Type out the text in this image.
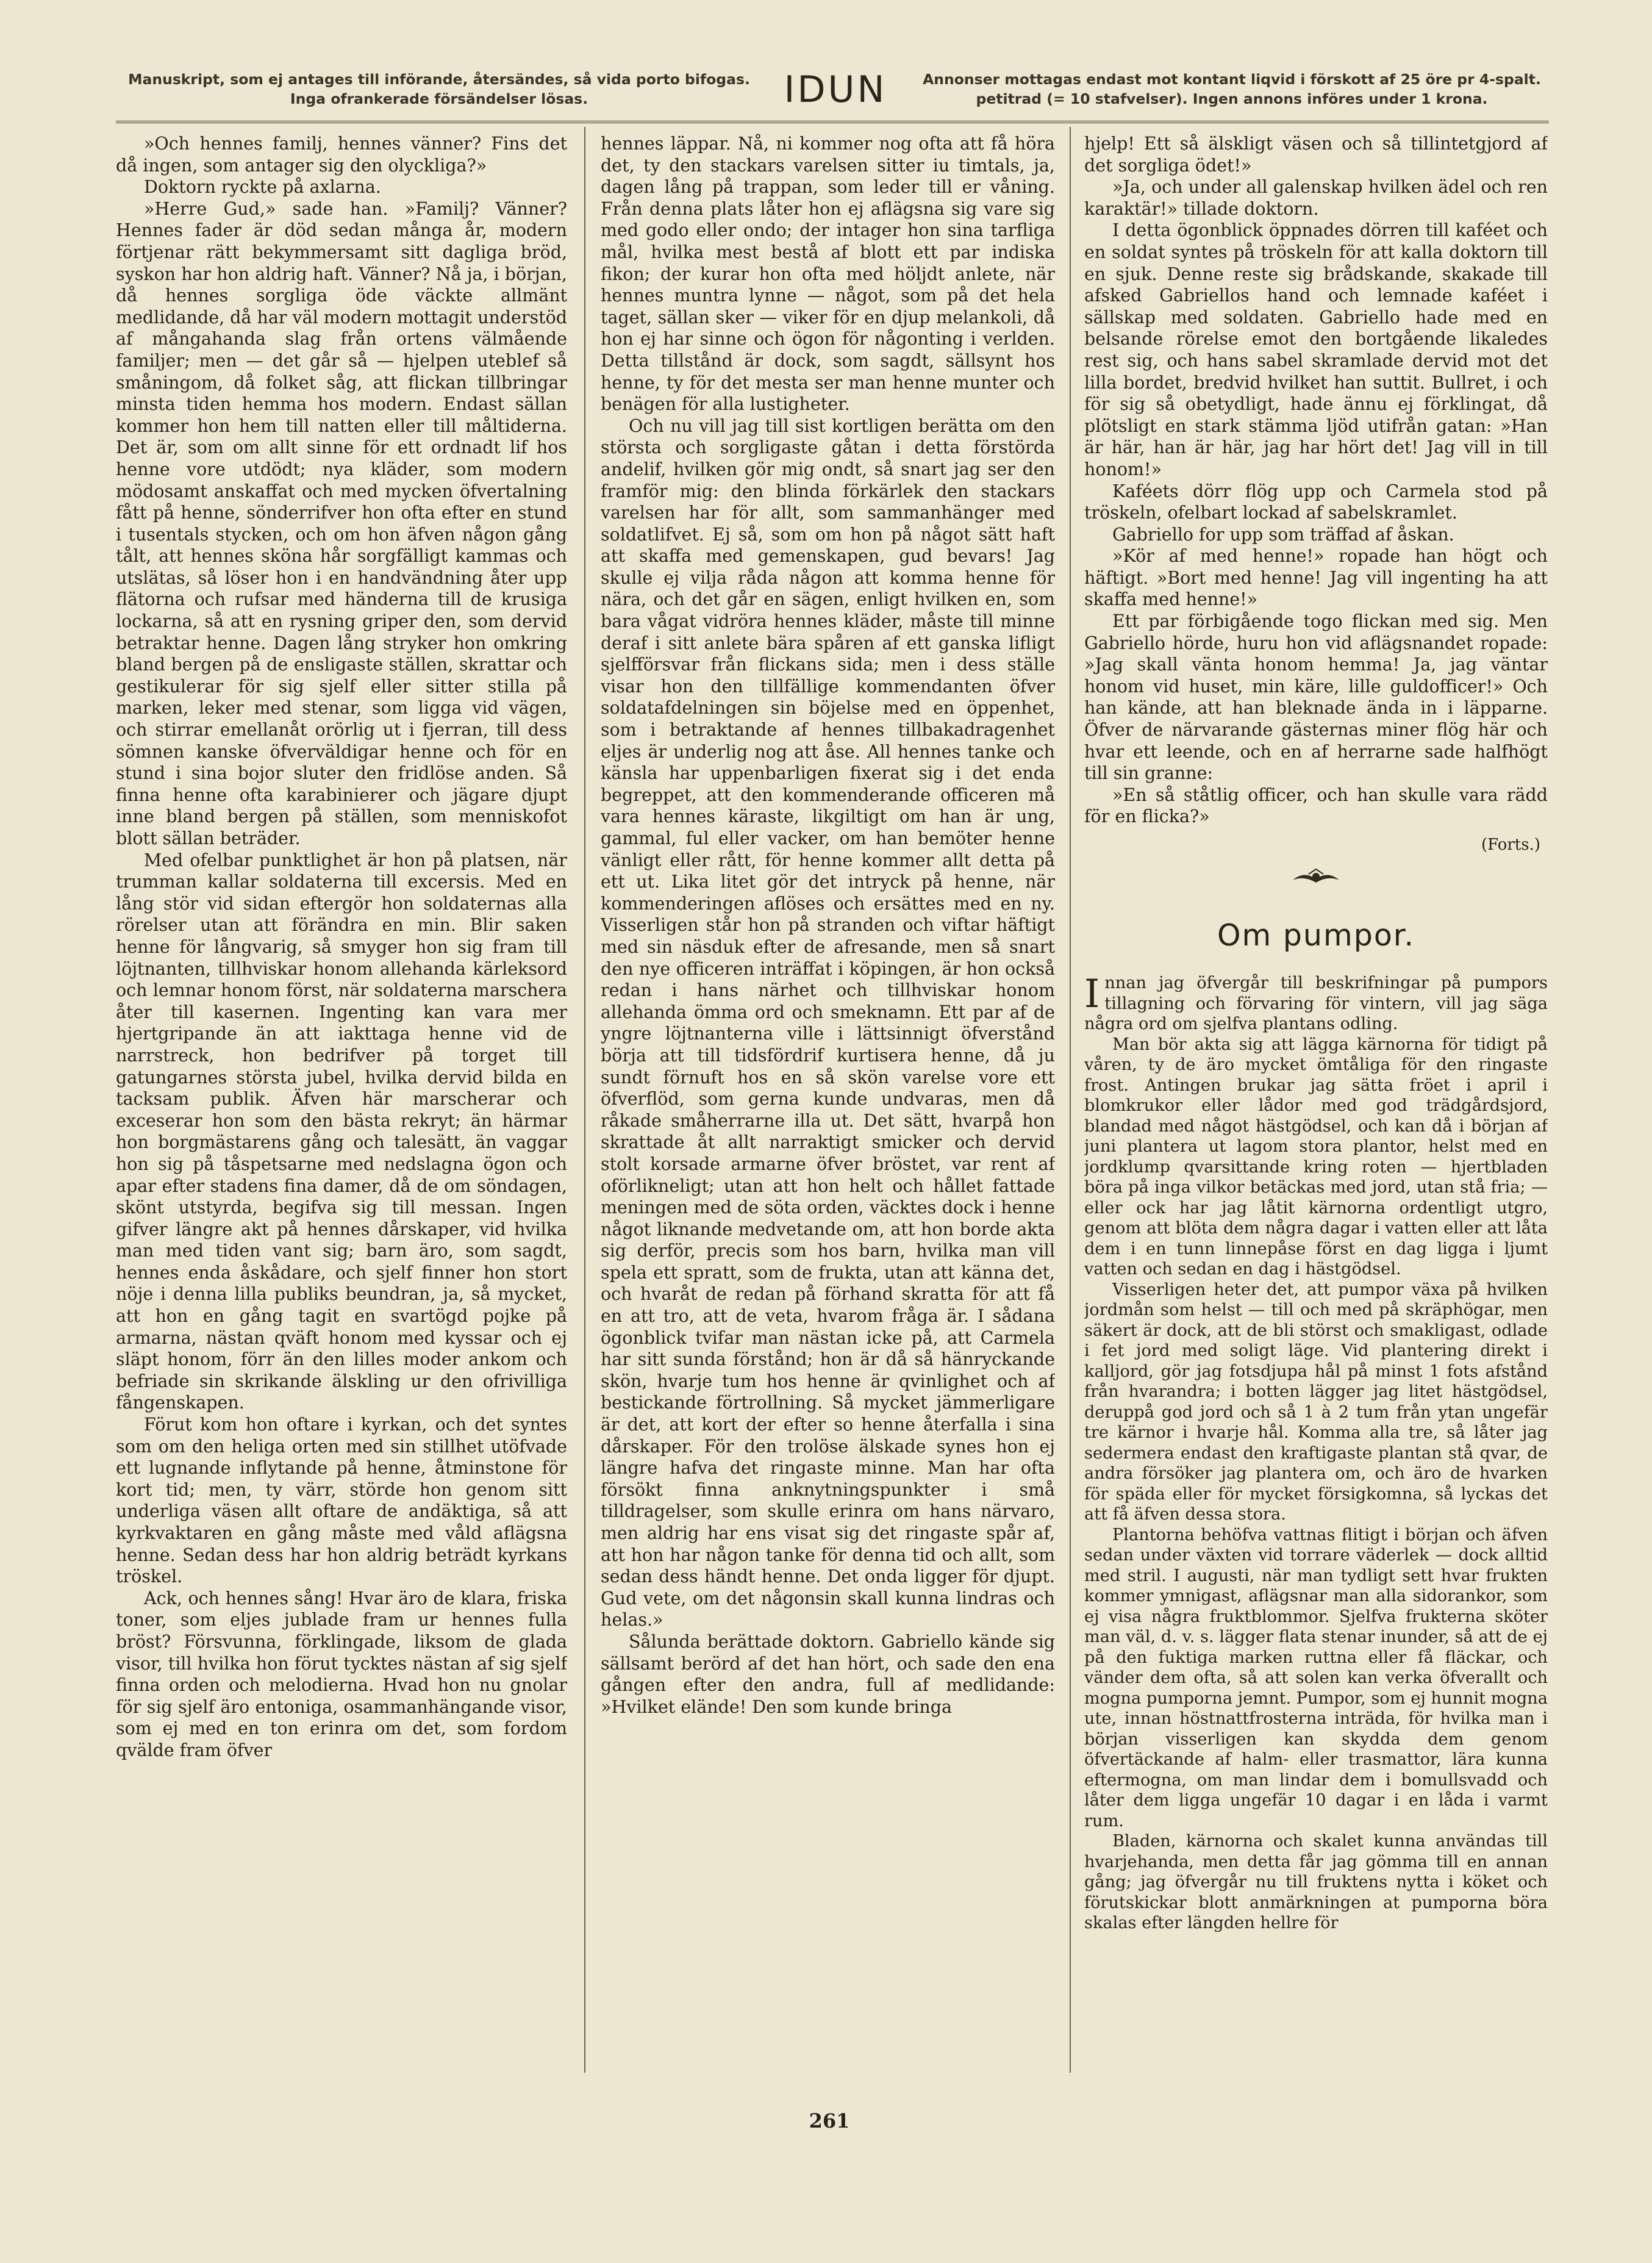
Manuskript, som ej antages till införande, återsändes, så vida porto bifogas. Inga ofrankerade försändelser lösas.	IDUN	Annonser mottagas endast mot kontant liqvid i förskott af 25 öre pr 4-spalt. petitrad (= 10 stafvelser). Ingen annons införes under 1 krona.

»Och hennes familj, hennes vänner? Fins det då ingen, som antager sig den olyckliga?»

Doktorn ryckte på axlarna.

»Herre Gud,» sade han. »Familj? Vänner? Hennes fader är död sedan många år, modern förtjenar rätt bekymmersamt sitt dagliga bröd, syskon har hon aldrig haft. Vänner? Nå ja, i början, då hennes sorgliga öde väckte allmänt medlidande, då har väl modern mottagit understöd af mångahanda slag från ortens välmående familjer; men — det går så — hjelpen uteblef så småningom, då folket såg, att flickan tillbringar minsta tiden hemma hos modern. Endast sällan kommer hon hem till natten eller till måltiderna. Det är, som om allt sinne för ett ordnadt lif hos henne vore utdödt; nya kläder, som modern mödosamt anskaffat och med mycken öfvertalning fått på henne, sönderrifver hon ofta efter en stund i tusentals stycken, och om hon äfven någon gång tålt, att hennes sköna hår sorgfälligt kammas och utslätas, så löser hon i en handvändning åter upp flätorna och rufsar med händerna till de krusiga lockarna, så att en rysning griper den, som dervid betraktar henne. Dagen lång stryker hon omkring bland bergen på de ensligaste ställen, skrattar och gestikulerar för sig sjelf eller sitter stilla på marken, leker med stenar, som ligga vid vägen, och stirrar emellanåt orörlig ut i fjerran, till dess sömnen kanske öfverväldigar henne och för en stund i sina bojor sluter den fridlöse anden. Så finna henne ofta karabinierer och jägare djupt inne bland bergen på ställen, som menniskofot blott sällan beträder.

Med ofelbar punktlighet är hon på platsen, när trumman kallar soldaterna till excersis. Med en lång stör vid sidan eftergör hon soldaternas alla rörelser utan att förändra en min. Blir saken henne för långvarig, så smyger hon sig fram till löjtnanten, tillhviskar honom allehanda kärleksord och lemnar honom först, när soldaterna marschera åter till kasernen. Ingenting kan vara mer hjertgripande än att iakttaga henne vid de narrstreck, hon bedrifver på torget till gatungarnes största jubel, hvilka dervid bilda en tacksam publik. Äfven här marscherar och exceserar hon som den bästa rekryt; än härmar hon borgmästarens gång och talesätt, än vaggar hon sig på tåspetsarne med nedslagna ögon och apar efter stadens fina damer, då de om söndagen, skönt utstyrda, begifva sig till messan. Ingen gifver längre akt på hennes dårskaper, vid hvilka man med tiden vant sig; barn äro, som sagdt, hennes enda åskådare, och sjelf finner hon stort nöje i denna lilla publiks beundran, ja, så mycket, att hon en gång tagit en svartögd pojke på armarna, nästan qväft honom med kyssar och ej släpt honom, förr än den lilles moder ankom och befriade sin skrikande älskling ur den ofrivilliga fångenskapen.

Förut kom hon oftare i kyrkan, och det syntes som om den heliga orten med sin stillhet utöfvade ett lugnande inflytande på henne, åtminstone för kort tid; men, ty värr, störde hon genom sitt underliga väsen allt oftare de andäktiga, så att kyrkvaktaren en gång måste med våld aflägsna henne. Sedan dess har hon aldrig beträdt kyrkans tröskel.

Ack, och hennes sång! Hvar äro de klara, friska toner, som eljes jublade fram ur hennes fulla bröst? Försvunna, förklingade, liksom de glada visor, till hvilka hon förut tycktes nästan af sig sjelf finna orden och melodierna. Hvad hon nu gnolar för sig sjelf äro entoniga, osammanhängande visor, som ej med en ton erinra om det, som fordom qvälde fram öfver

hennes läppar. Nå, ni kommer nog ofta att få höra det, ty den stackars varelsen sitter iu timtals, ja, dagen lång på trappan, som leder till er våning. Från denna plats låter hon ej aflägsna sig vare sig med godo eller ondo; der intager hon sina tarfliga mål, hvilka mest bestå af blott ett par indiska fikon; der kurar hon ofta med höljdt anlete, när hennes muntra lynne — något, som på det hela taget, sällan sker — viker för en djup melankoli, då hon ej har sinne och ögon för någonting i verlden. Detta tillstånd är dock, som sagdt, sällsynt hos henne, ty för det mesta ser man henne munter och benägen för alla lustigheter.

Och nu vill jag till sist kortligen berätta om den största och sorgligaste gåtan i detta förstörda andelif, hvilken gör mig ondt, så snart jag ser den framför mig: den blinda förkärlek den stackars varelsen har för allt, som sammanhänger med soldatlifvet. Ej så, som om hon på något sätt haft att skaffa med gemenskapen, gud bevars! Jag skulle ej vilja råda någon att komma henne för nära, och det går en sägen, enligt hvilken en, som bara vågat vidröra hennes kläder, måste till minne deraf i sitt anlete bära spåren af ett ganska lifligt sjelfförsvar från flickans sida; men i dess ställe visar hon den tillfällige kommendanten öfver soldatafdelningen sin böjelse med en öppenhet, som i betraktande af hennes tillbakadragenhet eljes är underlig nog att åse. All hennes tanke och känsla har uppenbarligen fixerat sig i det enda begreppet, att den kommenderande officeren må vara hennes käraste, likgiltigt om han är ung, gammal, ful eller vacker, om han bemöter henne vänligt eller rått, för henne kommer allt detta på ett ut. Lika litet gör det intryck på henne, när kommenderingen aflöses och ersättes med en ny. Visserligen står hon på stranden och viftar häftigt med sin näsduk efter de afresande, men så snart den nye officeren inträffat i köpingen, är hon också redan i hans närhet och tillhviskar honom allehanda ömma ord och smeknamn. Ett par af de yngre löjtnanterna ville i lättsinnigt öfverstånd börja att till tidsfördrif kurtisera henne, då ju sundt förnuft hos en så skön varelse vore ett öfverflöd, som gerna kunde undvaras, men då råkade småherrarne illa ut. Det sätt, hvarpå hon skrattade åt allt narraktigt smicker och dervid stolt korsade armarne öfver bröstet, var rent af oförlikneligt; utan att hon helt och hållet fattade meningen med de söta orden, väcktes dock i henne något liknande medvetande om, att hon borde akta sig derför, precis som hos barn, hvilka man vill spela ett spratt, som de frukta, utan att känna det, och hvaråt de redan på förhand skratta för att få en att tro, att de veta, hvarom fråga är. I sådana ögonblick tvifar man nästan icke på, att Carmela har sitt sunda förstånd; hon är då så hänryckande skön, hvarje tum hos henne är qvinlighet och af bestickande förtrollning. Så mycket jämmerligare är det, att kort der efter so henne återfalla i sina dårskaper. För den trolöse älskade synes hon ej längre hafva det ringaste minne. Man har ofta försökt finna anknytningspunkter i små tilldragelser, som skulle erinra om hans närvaro, men aldrig har ens visat sig det ringaste spår af, att hon har någon tanke för denna tid och allt, som sedan dess händt henne. Det onda ligger för djupt. Gud vete, om det någonsin skall kunna lindras och helas.»

Sålunda berättade doktorn. Gabriello kände sig sällsamt berörd af det han hört, och sade den ena gången efter den andra, full af medlidande: »Hvilket elände! Den som kunde bringa

hjelp! Ett så älskligt väsen och så tillintetgjord af det sorgliga ödet!»

»Ja, och under all galenskap hvilken ädel och ren karaktär!» tillade doktorn.

I detta ögonblick öppnades dörren till kaféet och en soldat syntes på tröskeln för att kalla doktorn till en sjuk. Denne reste sig brådskande, skakade till afsked Gabriellos hand och lemnade kaféet i sällskap med soldaten. Gabriello hade med en belsande rörelse emot den bortgående likaledes rest sig, och hans sabel skramlade dervid mot det lilla bordet, bredvid hvilket han suttit. Bullret, i och för sig så obetydligt, hade ännu ej förklingat, då plötsligt en stark stämma ljöd utifrån gatan: »Han är här, han är här, jag har hört det! Jag vill in till honom!»

Kaféets dörr flög upp och Carmela stod på tröskeln, ofelbart lockad af sabelskramlet.

Gabriello for upp som träffad af åskan.

»Kör af med henne!» ropade han högt och häftigt. »Bort med henne! Jag vill ingenting ha att skaffa med henne!»

Ett par förbigående togo flickan med sig. Men Gabriello hörde, huru hon vid aflägsnandet ropade: »Jag skall vänta honom hemma! Ja, jag väntar honom vid huset, min käre, lille guldofficer!» Och han kände, att han bleknade ända in i läpparne. Öfver de närvarande gästernas miner flög här och hvar ett leende, och en af herrarne sade halfhögt till sin granne:

»En så ståtlig officer, och han skulle vara rädd för en flicka?»

(Forts.)
Om pumpor.

Innan jag öfvergår till beskrifningar på pumpors tillagning och förvaring för vintern, vill jag säga några ord om sjelfva plantans odling.

Man bör akta sig att lägga kärnorna för tidigt på våren, ty de äro mycket ömtåliga för den ringaste frost. Antingen brukar jag sätta fröet i april i blomkrukor eller lådor med god trädgårdsjord, blandad med något hästgödsel, och kan då i början af juni plantera ut lagom stora plantor, helst med en jordklump qvarsittande kring roten — hjertbladen böra på inga vilkor betäckas med jord, utan stå fria; — eller ock har jag låtit kärnorna ordentligt utgro, genom att blöta dem några dagar i vatten eller att låta dem i en tunn linnepåse först en dag ligga i ljumt vatten och sedan en dag i hästgödsel.

Visserligen heter det, att pumpor växa på hvilken jordmån som helst — till och med på skräphögar, men säkert är dock, att de bli störst och smakligast, odlade i fet jord med soligt läge. Vid plantering direkt i kalljord, gör jag fotsdjupa hål på minst 1 fots afstånd från hvarandra; i botten lägger jag litet hästgödsel, deruppå god jord och så 1 à 2 tum från ytan ungefär tre kärnor i hvarje hål. Komma alla tre, så låter jag sedermera endast den kraftigaste plantan stå qvar, de andra försöker jag plantera om, och äro de hvarken för späda eller för mycket försigkomna, så lyckas det att få äfven dessa stora.

Plantorna behöfva vattnas flitigt i början och äfven sedan under växten vid torrare väderlek — dock alltid med stril. I augusti, när man tydligt sett hvar frukten kommer ymnigast, aflägsnar man alla sidorankor, som ej visa några fruktblommor. Sjelfva frukterna sköter man väl, d. v. s. lägger flata stenar inunder, så att de ej på den fuktiga marken ruttna eller få fläckar, och vänder dem ofta, så att solen kan verka öfverallt och mogna pumporna jemnt. Pumpor, som ej hunnit mogna ute, innan höstnattfrosterna inträda, för hvilka man i början visserligen kan skydda dem genom öfvertäckande af halm- eller trasmattor, lära kunna eftermogna, om man lindar dem i bomullsvadd och låter dem ligga ungefär 10 dagar i en låda i varmt rum.

Bladen, kärnorna och skalet kunna användas till hvarjehanda, men detta får jag gömma till en annan gång; jag öfvergår nu till fruktens nytta i köket och förutskickar blott anmärkningen at pumporna böra skalas efter längden hellre för

261
